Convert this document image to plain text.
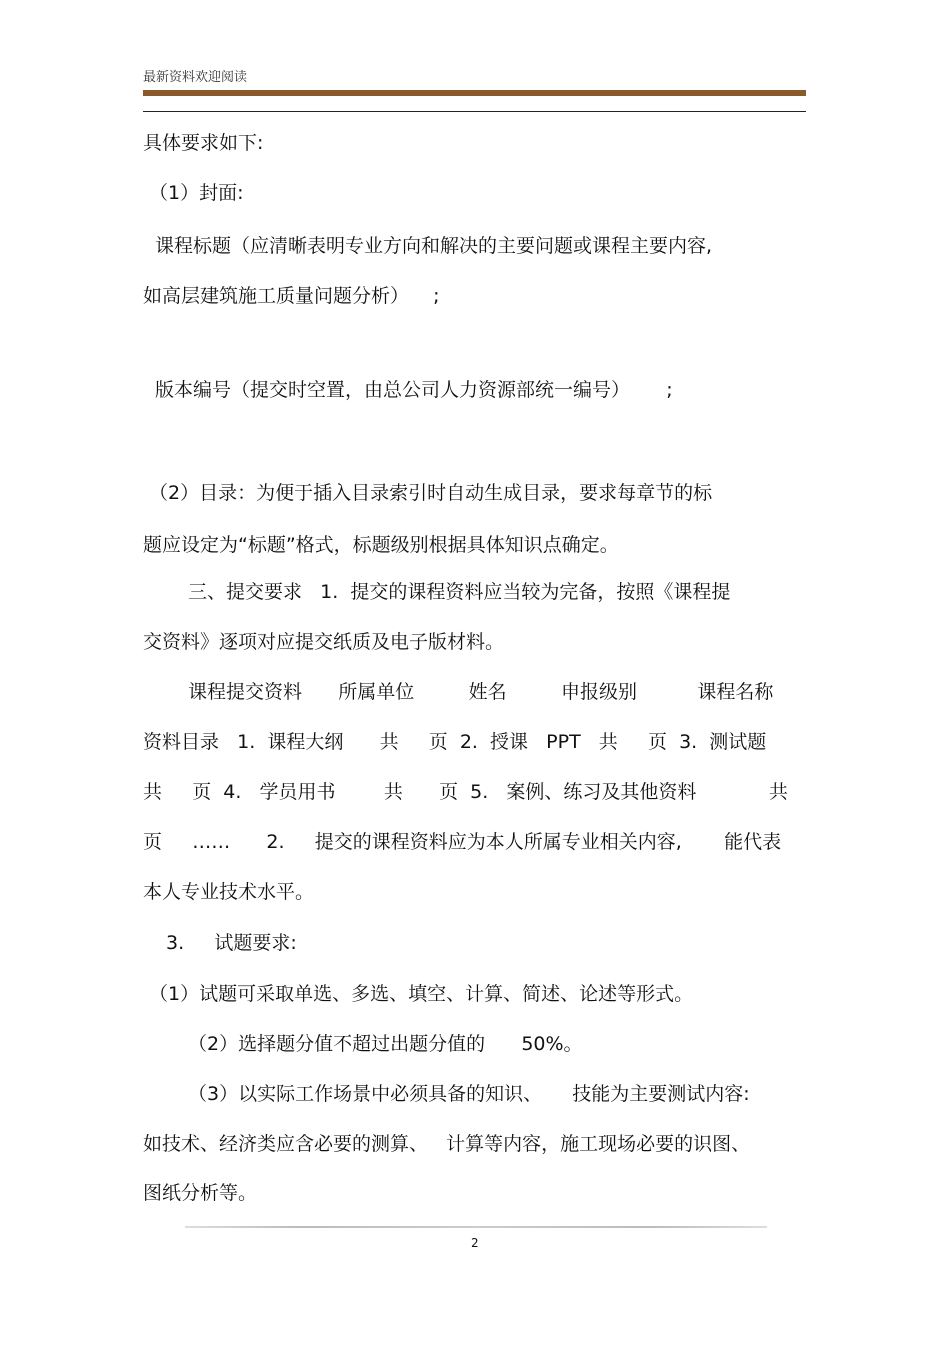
最新资料欢迎阅读
具体要求如下:
（1）封面:
课程标题（应清晰表明专业方向和解决的主要问题或课程主要内容,
如高层建筑施工质量问题分析）    ;
版本编号（提交时空置，由总公司人力资源部统一编号）      ;
（2）目录：为便于插入目录索引时自动生成目录，要求每章节的标
题应设定为“标题”格式，标题级别根据具体知识点确定。
三、提交要求   1.  提交的课程资料应当较为完备，按照《课程提
交资料》逐项对应提交纸质及电子版材料。
课程提交资料      所属单位         姓名         申报级别          课程名称
资料目录   1.  课程大纲      共     页  2.  授课   PPT   共     页  3.  测试题
共     页  4.   学员用书        共      页  5.   案例、练习及其他资料            共
页     ……      2.     提交的课程资料应为本人所属专业相关内容,       能代表
本人专业技术水平。
3.     试题要求:
（1）试题可采取单选、多选、填空、计算、简述、论述等形式。
（2）选择题分值不超过出题分值的      50%。
（3）以实际工作场景中必须具备的知识、     技能为主要测试内容:
如技术、经济类应含必要的测算、   计算等内容，施工现场必要的识图、
图纸分析等。
2
